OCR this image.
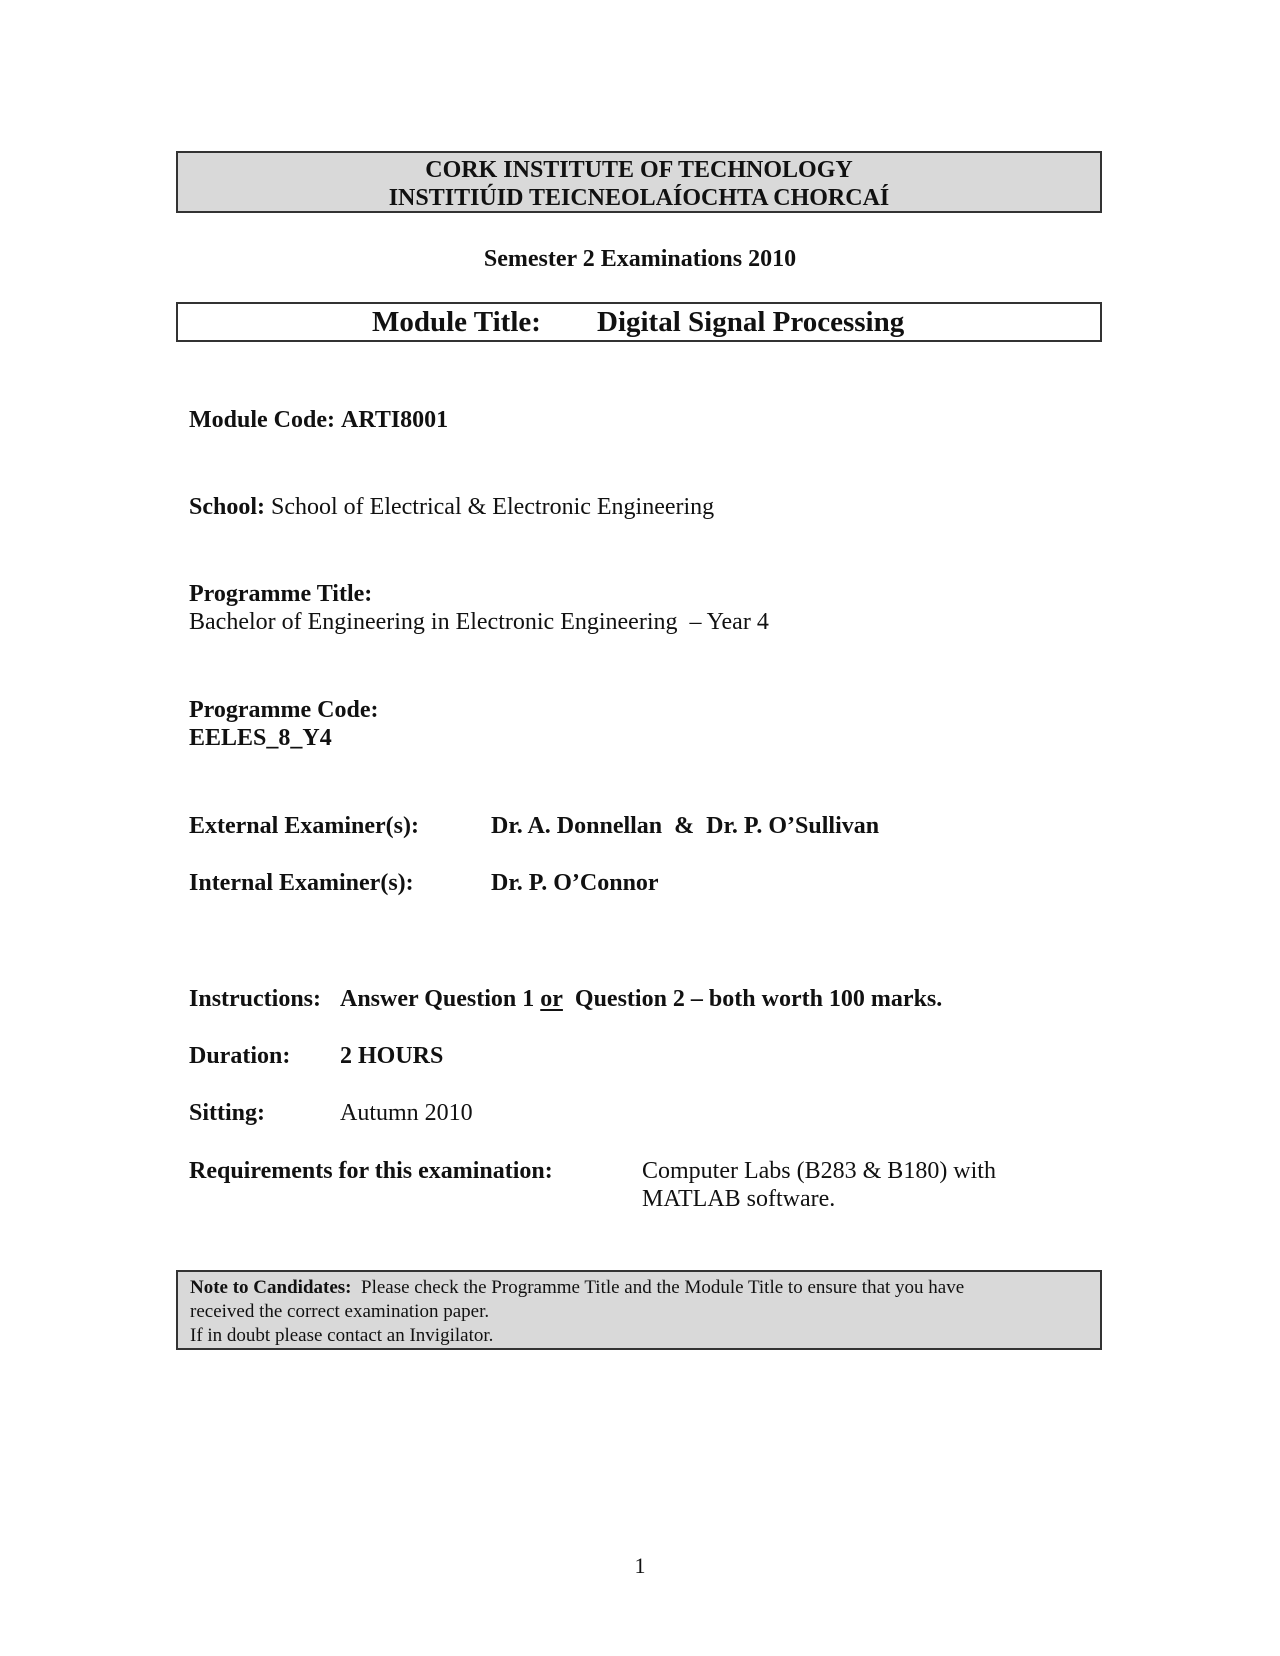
CORK INSTITUTE OF TECHNOLOGY
INSTITIÚID TEICNEOLAÍOCHTA CHORCAÍ
Semester 2 Examinations 2010
Module Title: Digital Signal Processing
Module Code: ARTI8001
School: School of Electrical & Electronic Engineering
Programme Title:
Bachelor of Engineering in Electronic Engineering  – Year 4
Programme Code:
EELES_8_Y4
External Examiner(s):	Dr. A. Donnellan  &  Dr. P. O’Sullivan
Internal Examiner(s):	Dr. P. O’Connor
Instructions: Answer Question 1 or Question 2 – both worth 100 marks.
Duration: 2 HOURS
Sitting:	Autumn 2010
Requirements for this examination:	Computer Labs (B283 & B180) with
MATLAB software.
Note to Candidates: Please check the Programme Title and the Module Title to ensure that you have
received the correct examination paper.
If in doubt please contact an Invigilator.
1
